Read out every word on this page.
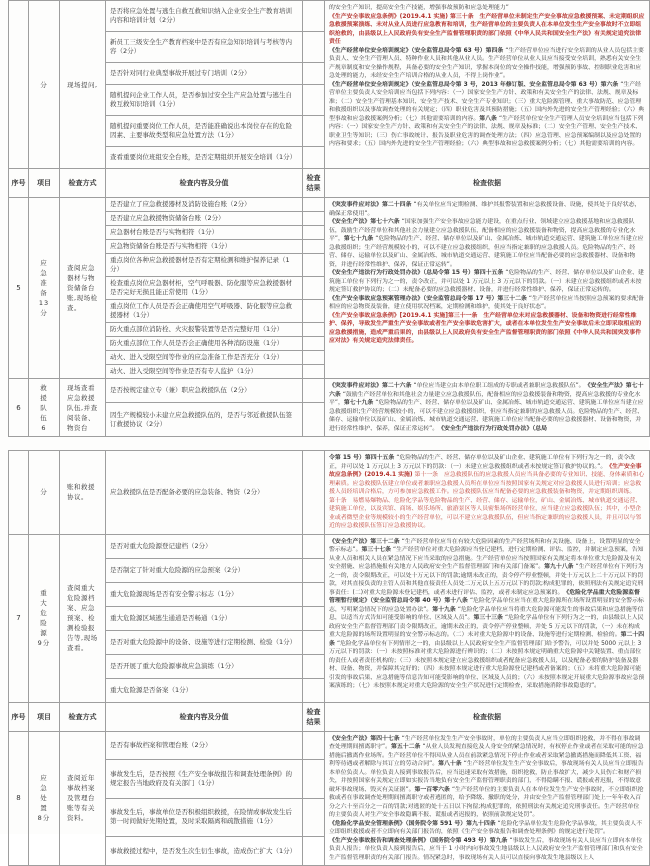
	分	现场提问,	是否将应急处置与逃生自救互救知识纳入企业安全生产教育培训内容和培训计划（2分）		的安全生产知识，提高安全生产技能，增强事故预防和应急处理能力”
《生产安全事故应急条例》(2019.4.1 实施) 第三十条　生产经营单位未制定生产安全事故应急救援预案、未定期组织应急救援预案演练、未对从业人员进行应急教育和培训，生产经营单位的主要负责人在本单位发生生产安全事故时不立即组织抢救的，由县级以上人民政府负有安全生产监督管理职责的部门依照《中华人民共和国安全生产法》有关规定追究法律责任
《生产经营单位安全培训规定》（安全监管总局令第 63 号）第四条 “生产经营单位应当进行安全培训的从业人员包括主要负责人、安全生产管理人员、特种作业人员和其他从业人员。生产经营单位从业人员应当接受安全培训，熟悉有关安全生产规章制度和安全操作规程，具备必要的安全生产知识，掌握本岗位的安全操作技能，增强预防事故、控制职业危害和应急处理的能力，未经安全生产培训合格的从业人员，不得上岗作业”。
《生产经营单位安全培训规定》（安全监管总局令第 3 号，2013 年修订版、安全监管总局令第 63 号）第六条 “生产经营单位主要负责人安全培训应当包括下列内容：（一）国家安全生产方针、政策和有关安全生产的法律、法规、规章及标准；（二）安全生产管理基本知识、安全生产技术、安全生产专业知识；（三）重大危险源管理、重大事故防范、应急管理和救援组织以及事故调查处理的有关规定；（四）职业危害及其预防措施；（五）国内外先进的安全生产管理经验；（六）典型事故和应急救援案例分析；（七）其他需要培训的内容。第八条 “生产经营单位安全生产管理人员安全培训应当包括下列内容：（一）国家安全生产方针、政策和有关安全生产的法律、法规、规章及标准；（二）安全生产管理、安全生产技术、职业卫生等知识；（三）伤亡事故统计、报告及职业危害的调查处理方法；（四）应急管理、应急预案编制以及应急处置的内容和要求；（五）国内外先进的安全生产管理经验；（六）典型事故和应急救援案例分析；（七）其他需要培训的内容。
			新员工三级安全生产教育档案中是否有应急知识培训与考核等内容（2分）		
			是否针对同行业典型事故开展过专门培训（2分）		
			随机提问企业工作人员，是否参加过安全生产应急处置与逃生自救互救知识培训（1分）		
			随机提问重要岗位工作人员，是否能准确说出本岗位存在的危险因素、主要事故类型和应急处置方法（1分）		
			查看重要岗位班组安全台账，是否定期组织开展安全培训（1分）		
序号	项目	检查方式	检查内容及分值	检查结果	检查依据
5	应急准备 13分	查阅应急器材与物资储备台账,现场检查。	是否建立了应急救援器材及消防设施台账（2分）		《突发事件应对法》第二十四条 “有关单位应当定期检测、维护其报警装置和应急救援设备、设施，使其处于良好状态，确保正常使用”。
《安全生产法》第七十六条 “国家加强生产安全事故应急能力建设，在重点行业、领域建立应急救援基地和应急救援队伍，鼓励生产经营单位和其他社会力量建立应急救援队伍，配备相应的应急救援装备和物资，提高应急救援的专业化水平”，第七十九条 “危险物品的生产、经营、储存单位以及矿山、金属冶炼、城市轨道交通运营、建筑施工单位应当建立应急救援组织；生产经营规模较小的，可以不建立应急救援组织，但应当指定兼职的应急救援人员。危险物品的生产、经营、储存、运输单位以及矿山、金属冶炼、城市轨道交通运营、建筑施工单位应当配备必要的应急救援器材、设备和物资，并进行经常性维护、保养，保证正常运转”。
《安全生产违法行为行政处罚办法》（总局令第 15 号）第四十五条 “危险物品的生产、经营、储存单位以及矿山企业、建筑施工单位有下列行为之一的，责令改正，并可以处 1 万元以上 3 万元以下的罚款。（一）未建立应急救援组织或者未按规定签订救护协议的；（二）未配备必要的应急救援器材、设备，并进行经常性维护、保养，保证正常运转的。
《生产安全事故应急预案管理办法》（安全监管总局令第 17 号）第三十二条 “生产经营单位应当按照应急预案的要求配备相应的应急物资及装备，建立使用状况档案，定期检测和维护，使其处于良好状态”。
《生产安全事故应急条例》[2019.4.1 实施]第三十一条　生产经营单位未对应急救援器材、设备和物资进行经常性维护、保养，导致发生严重生产安全事故或者生产安全事故危害扩大，或者在本单位发生生产安全事故后未立即采取相应的应急救援措施，造成严重后果的，由县级以上人民政府负有安全生产监督管理职责的部门依照《中华人民共和国突发事件应对法》有关规定追究法律责任。
			是否建立应急救援物资储备台账（2分）		
			应急器材台账是否与实物相符（1分）		
			应急物资储备台账是否与实物相符（1分）		
			重点岗位各种应急救援器材是否有定期检测和维护保养记录（1分）		
			检查重点岗位应急器材柜，空气呼吸器、防化服等应急救援器材是否完好无损且能正常使用（1分）		
			重点岗位工作人员是否会正确使用空气呼吸器、防化服等应急救援器材（1分）		
			防火重点部位消防栓、火灾报警装置等是否完整好用（1分）		
			防火重点部位工作人员是否会正确使用各种消防设施（1分）		
			动火、进入受限空间等作业的应急准备工作是否充分（1分）		
			动火、进入受限空间等作业是否有专人监护（1分）		
6	救援队伍 6	现场查看应急救援队伍,并查阅装备、物资台	是否按规定建立专（兼）职应急救援队伍（2分）		《突发事件应对法》第二十六条 “单位应当建立由本单位职工组成的专职或者兼职应急救援队伍”。《安全生产法》第七十六条 “鼓励生产经营单位和其他社会力量建立应急救援队伍，配备相应的应急救援装备和物资，提高应急救援的专业化水平”，第七十九条 “危险物品的生产、经营、储存单位以及矿山、金属冶炼、城市轨道交通运营、建筑施工单位应当建立应急救援组织;生产经营规模较小的，可以不建立应急救援组织，但应当指定兼职的应急救援人员。危险物品的生产、经营、储存、运输单位以及矿山、金属冶炼、城市轨道交通运营、建筑施工单位应当配备必要的应急救援器材、设备和物资，并进行经常性维护、保养，保证正常运转”。《安全生产违法行为行政处罚办法》（总局
			因生产规模较小未建立应急救援队伍的，是否与邻近救援队伍签订救援协议（2分）		
	分	账和救援协议。	应急救援队伍是否配备必要的应急装备、物资（2分）		令第 15 号）第四十五条 “危险物品的生产、经营、储存单位以及矿山企业、建筑施工单位有下列行为之一的，责令改正，并可以处 1 万元以上 3 万元以下的罚款：（一）未建立应急救援组织或者未按规定签订救护协议的。”。《生产安全事故应急条例》(2019.4.1 实施) 第十一条　应急救援队伍的应急救援人员应当具备必要的专业知识、技能、身体素质和心理素质。应急救援队伍建立单位或者兼职应急救援人员所在单位应当按照国家有关规定对应急救援人员进行培训；应急救援人员经培训合格后，方可参加应急救援工作。应急救援队伍应当配备必要的应急救援装备和物资，并定期组织训练。
第十条　易燃易爆物品、危险化学品等危险物品的生产、经营、储存、运输单位，矿山、金属冶炼、城市轨道交通运营、建筑施工单位，以及宾馆、商场、娱乐场所、旅游景区等人员密集场所经营单位，应当建立应急救援队伍；其中，小型企业或者微型企业等规模较小的生产经营单位，可以不建立应急救援队伍，但应当指定兼职的应急救援人员，并且可以与邻近的应急救援队伍签订应急救援协议。
7	重大危险源 9分	查阅重大危险源档案、应急预案、检测检验报告等,现场查看。	是否对重大危险源登记建档（2分）		《安全生产法》第三十二条 “生产经营单位应当在有较大危险因素的生产经营场所和有关设施、设备上，设置明显的安全警示标志”。第三十七条 “生产经营单位对重大危险源应当登记建档，进行定期检测、评估、监控，并制定应急预案，告知从业人员和相关人员在紧急情况下应当采取的应急措施。生产经营单位应当按照国家有关规定将本单位重大危险源及有关安全措施、应急措施报有关地方人民政府安全生产监督管理部门和有关部门备案”。第九十八条 “生产经营单位有下列行为之一的，责令限期改正，可以处十万元以下的罚款;逾期未改正的，责令停产停业整顿，并处十万元以上二十万元以下的罚款，对其直接负责的主管人员和其他直接责任人员处二万元以上五万元以下的罚款;构成犯罪的，依照刑法有关规定追究刑事责任：(二)对重大危险源未登记建档，或者未进行评估、监控，或者未制定应急预案的。《危险化学品重大危险源监督管理暂行规定》（安全监管总局令第 40 号）第十八条 “危险化学品单位应当在重大危险源所在场所设置明显的安全警示标志，写明紧急情况下的应急处置办法”。第十九条 “危险化学品单位应当将重大危险源可能发生的事故后果和应急措施等信息，以适当方式告知可能受影响的单位、区域及人员”。第三十三条 “危险化学品单位有下列行为之一的，由县级以上人民政府安全生产监督管理部门责令限期改正，逾期未改正的，责令停产停业整顿，并处 5 万元以下的罚款，（一）未在构成重大危险源的场所设置明显的安全警示标志的。（二）未对重大危险源中的设备、设施等进行定期检测、检验的。第二十四条 “危险化学品单位有下列情形之一的，由县级以上人民政府安全生产监督管理部门给予警告，可以并处 5000 元以上 3 万元以下的罚款：（一）未按照标准对重大危险源进行辨识的；（二）未按照本规定明确重大危险源中关键装置、重点部位的责任人或者责任机构的；（三）未按照本规定建立应急救援组织或者配备应急救援人员，以及配备必要的防护装备及器材、设备、物资，并保障其完好的；（四）未按照本规定进行重大危险源登记建档或者备案的；（五）未将重大危险源可能引发的事故后果、应急措施等信息告知可能受影响的单位、区域及人员的；（六）未按照本规定开展重大危险源事故应急预案演练的；（七）未按照本规定对重大危险源的安全生产状况进行定期检查，采取措施消除事故隐患的”。
			是否制定了针对重大危险源的应急预案（2分）		
			重大危险源现场是否有安全警示标志（1分）		
			重大危险源区域逃生通道是否畅通（1分）		
			是否对重大危险源中的设备、设施等进行定期检测、检验（1分）		
			是否开展了重大危险源事故应急演练（1分）		
			重大危险源是否备案（1分）		
序号	项目	检查方式	检查内容及分值	检查结果	检查依据
8	应急处置 8分	查阅近年事故档案及管理台账等有关资料。	是否有事故档案和管理台账（2分）		《安全生产法》第四十七条 “生产经营单位发生生产安全事故时，单位的主要负责人应当立即组织抢救，并不得在事故调查处理期间擅离职守”。第五十二条 “从业人员发现直接危及人身安全的紧急情况时，有权停止作业或者在采取可能的应急措施后撤离作业场所。生产经营单位不得因从业人员在前款紧急情况下停止作业或者采取紧急撤离措施而降低其工资、福利等待遇或者解除与其订立的劳动合同”。第八十条 “生产经营单位发生生产安全事故后，事故现场有关人员应当立即报告本单位负责人。单位负责人接到事故报告后，应当迅速采取有效措施，组织抢救，防止事故扩大，减少人员伤亡和财产损失，并按照国家有关规定立即如实报告当地负有安全生产监督管理职责的部门，不得隐瞒不报、谎报或者迟报，不得故意破坏事故现场、毁灭有关证据”。第一百零六条 “生产经营单位的主要负责人在本单位发生生产安全事故时，不立即组织抢救或者在事故调查处理期间擅离职守或者逃匿的，给予降级、撤职的处分，并由安全生产监督管理部门处上一年年收入百分之六十至百分之一百的罚款;对逃匿的处十五日以下拘留;构成犯罪的，依照刑法有关规定追究刑事责任。生产经营单位的主要负责人对生产安全事故隐瞒不报、谎报或者迟报的，依照前款规定处罚”。
《危险化学品安全管理条例》（国务院令第 591 号）第九十四条 “危险化学品单位发生危险化学品事故，其主要负责人不立即组织救援或者不立即向有关部门报告的，依照《生产安全事故报告和调查处理条例》的规定进行处罚”。
《生产安全事故报告和调查处理条例》（国务院令第 493 号）第九条 “事故发生后，事故现场有关人员应当立即向本单位负责人报告；单位负责人接到报告后，应当于 1 小时内向事故发生地县级以上人民政府安全生产监督管理部门和负有安全生产监督管理职责的有关部门报告。情况紧急时，事故现场有关人员可以直接向事故发生地县级以上人
			事故发生后，是否按照《生产安全事故报告和调查处理条例》的规定报告当地政府及有关部门（1分）		
			事故发生后，事故单位是否积极组织救援，在险情或事故发生后第一时间做好先期处置，及时采取隔离和疏散措施（1分）		
			事故救援过程中，是否发生次生衍生事故，造成伤亡扩大（1分）		
